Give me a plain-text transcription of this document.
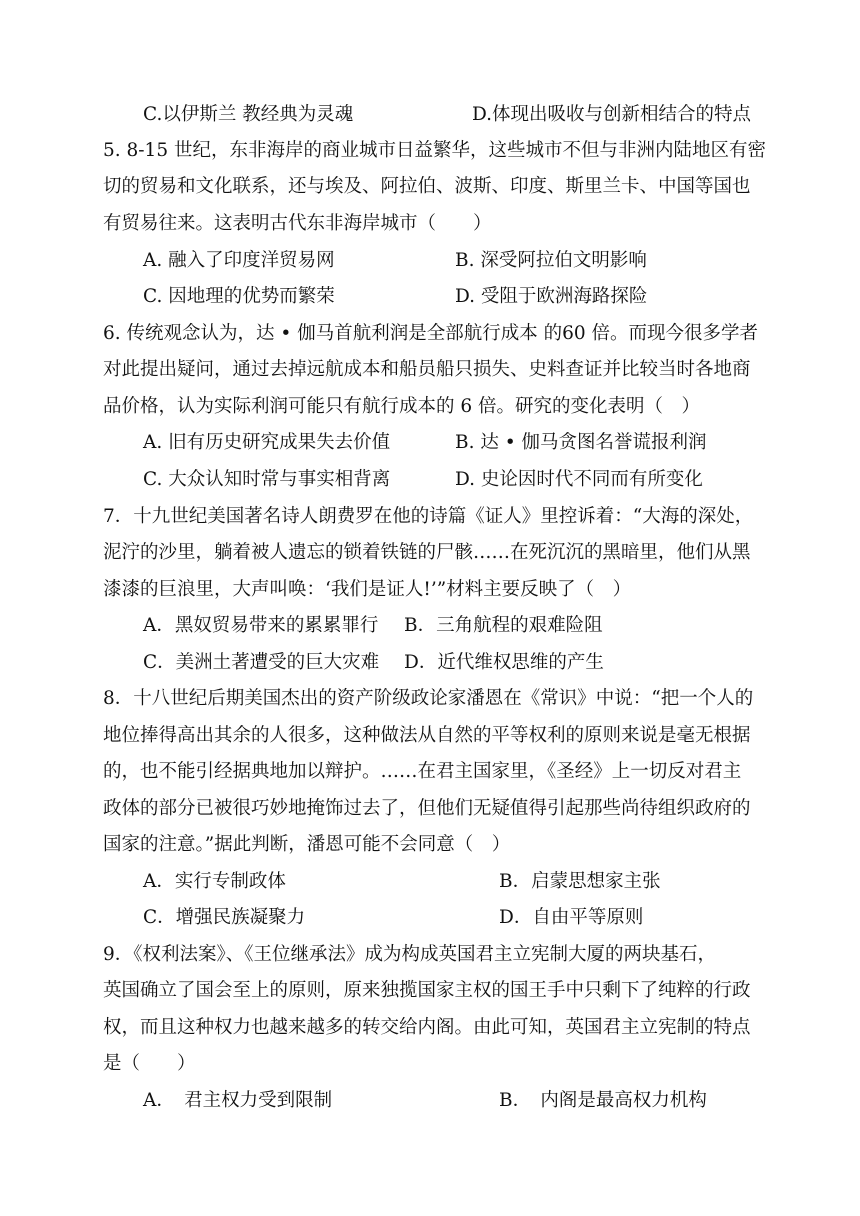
C.以伊斯兰 教经典为灵魂	D.体现出吸收与创新相结合的特点
5. 8-15 世纪，东非海岸的商业城市日益繁华，这些城市不但与非洲内陆地区有密
切的贸易和文化联系，还与埃及、阿拉伯、波斯、印度、斯里兰卡、中国等国也
有贸易往来。这表明古代东非海岸城市（　　）
A. 融入了印度洋贸易网	B. 深受阿拉伯文明影响
C. 因地理的优势而繁荣	D. 受阻于欧洲海路探险
6. 传统观念认为，达 • 伽马首航利润是全部航行成本 的60 倍。而现今很多学者
对此提出疑问，通过去掉远航成本和船员船只损失、史料查证并比较当时各地商
品价格，认为实际利润可能只有航行成本的 6 倍。研究的变化表明（　）
A. 旧有历史研究成果失去价值	B. 达 • 伽马贪图名誉谎报利润
C. 大众认知时常与事实相背离	D. 史论因时代不同而有所变化
7．十九世纪美国著名诗人朗费罗在他的诗篇《证人》里控诉着：“大海的深处，
泥泞的沙里，躺着被人遗忘的锁着铁链的尸骸……在死沉沉的黑暗里，他们从黑
漆漆的巨浪里，大声叫唤：‘我们是证人!’”材料主要反映了（　）
A．黑奴贸易带来的累累罪行 B．三角航程的艰难险阻
C．美洲土著遭受的巨大灾难 D．近代维权思维的产生
8．十八世纪后期美国杰出的资产阶级政论家潘恩在《常识》中说：“把一个人的
地位捧得高出其余的人很多，这种做法从自然的平等权利的原则来说是毫无根据
的，也不能引经据典地加以辩护。……在君主国家里，《圣经》上一切反对君主
政体的部分已被很巧妙地掩饰过去了，但他们无疑值得引起那些尚待组织政府的
国家的注意。”据此判断，潘恩可能不会同意（　）
A．实行专制政体	B．启蒙思想家主张
C．增强民族凝聚力	D．自由平等原则
9．《权利法案》、《王位继承法》成为构成英国君主立宪制大厦的两块基石，
英国确立了国会至上的原则，原来独揽国家主权的国王手中只剩下了纯粹的行政
权，而且这种权力也越来越多的转交给内阁。由此可知，英国君主立宪制的特点
是（　　）
A．　君主权力受到限制	B．　内阁是最高权力机构
